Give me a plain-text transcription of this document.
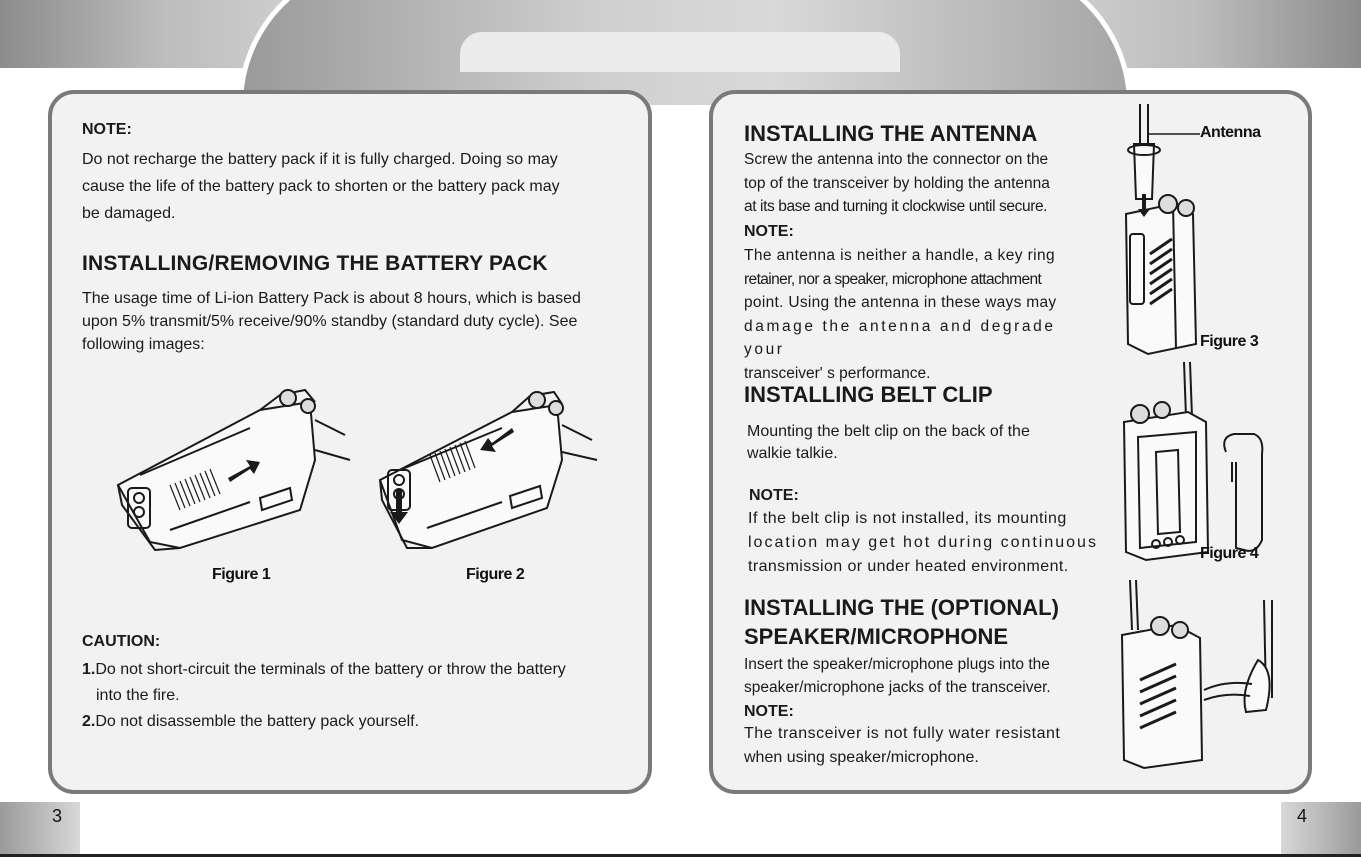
NOTE:
Do not recharge the battery pack if it is fully charged. Doing so may
cause the life of the battery pack to shorten or the battery pack may
be damaged.
INSTALLING/REMOVING THE BATTERY PACK
The usage time of Li-ion Battery Pack is about 8 hours, which is based
upon 5% transmit/5% receive/90% standby (standard duty cycle). See
following images:
Figure 1	Figure 2
CAUTION:
1.Do not short-circuit the terminals of the battery or throw the battery
into the fire.
2.Do not disassemble the battery pack yourself.
INSTALLING THE ANTENNA
Screw the antenna into the connector on the
top of the transceiver by holding the antenna
at its base and turning it clockwise until secure.
NOTE:
The antenna is neither a handle, a key ring
retainer, nor a speaker, microphone attachment
point. Using the antenna in these ways may
damage the antenna and degrade your
transceiver' s performance.
Antenna
Figure 3
INSTALLING BELT CLIP
Mounting the belt clip on the back of the
walkie talkie.
NOTE:
If the belt clip is not installed, its mounting
location may get hot during continuous
transmission or under heated environment.
Figure 4
INSTALLING THE (OPTIONAL)
SPEAKER/MICROPHONE
Insert the speaker/microphone plugs into the
speaker/microphone jacks of the transceiver.
NOTE:
The transceiver is not fully water resistant
when using speaker/microphone.
3	4
